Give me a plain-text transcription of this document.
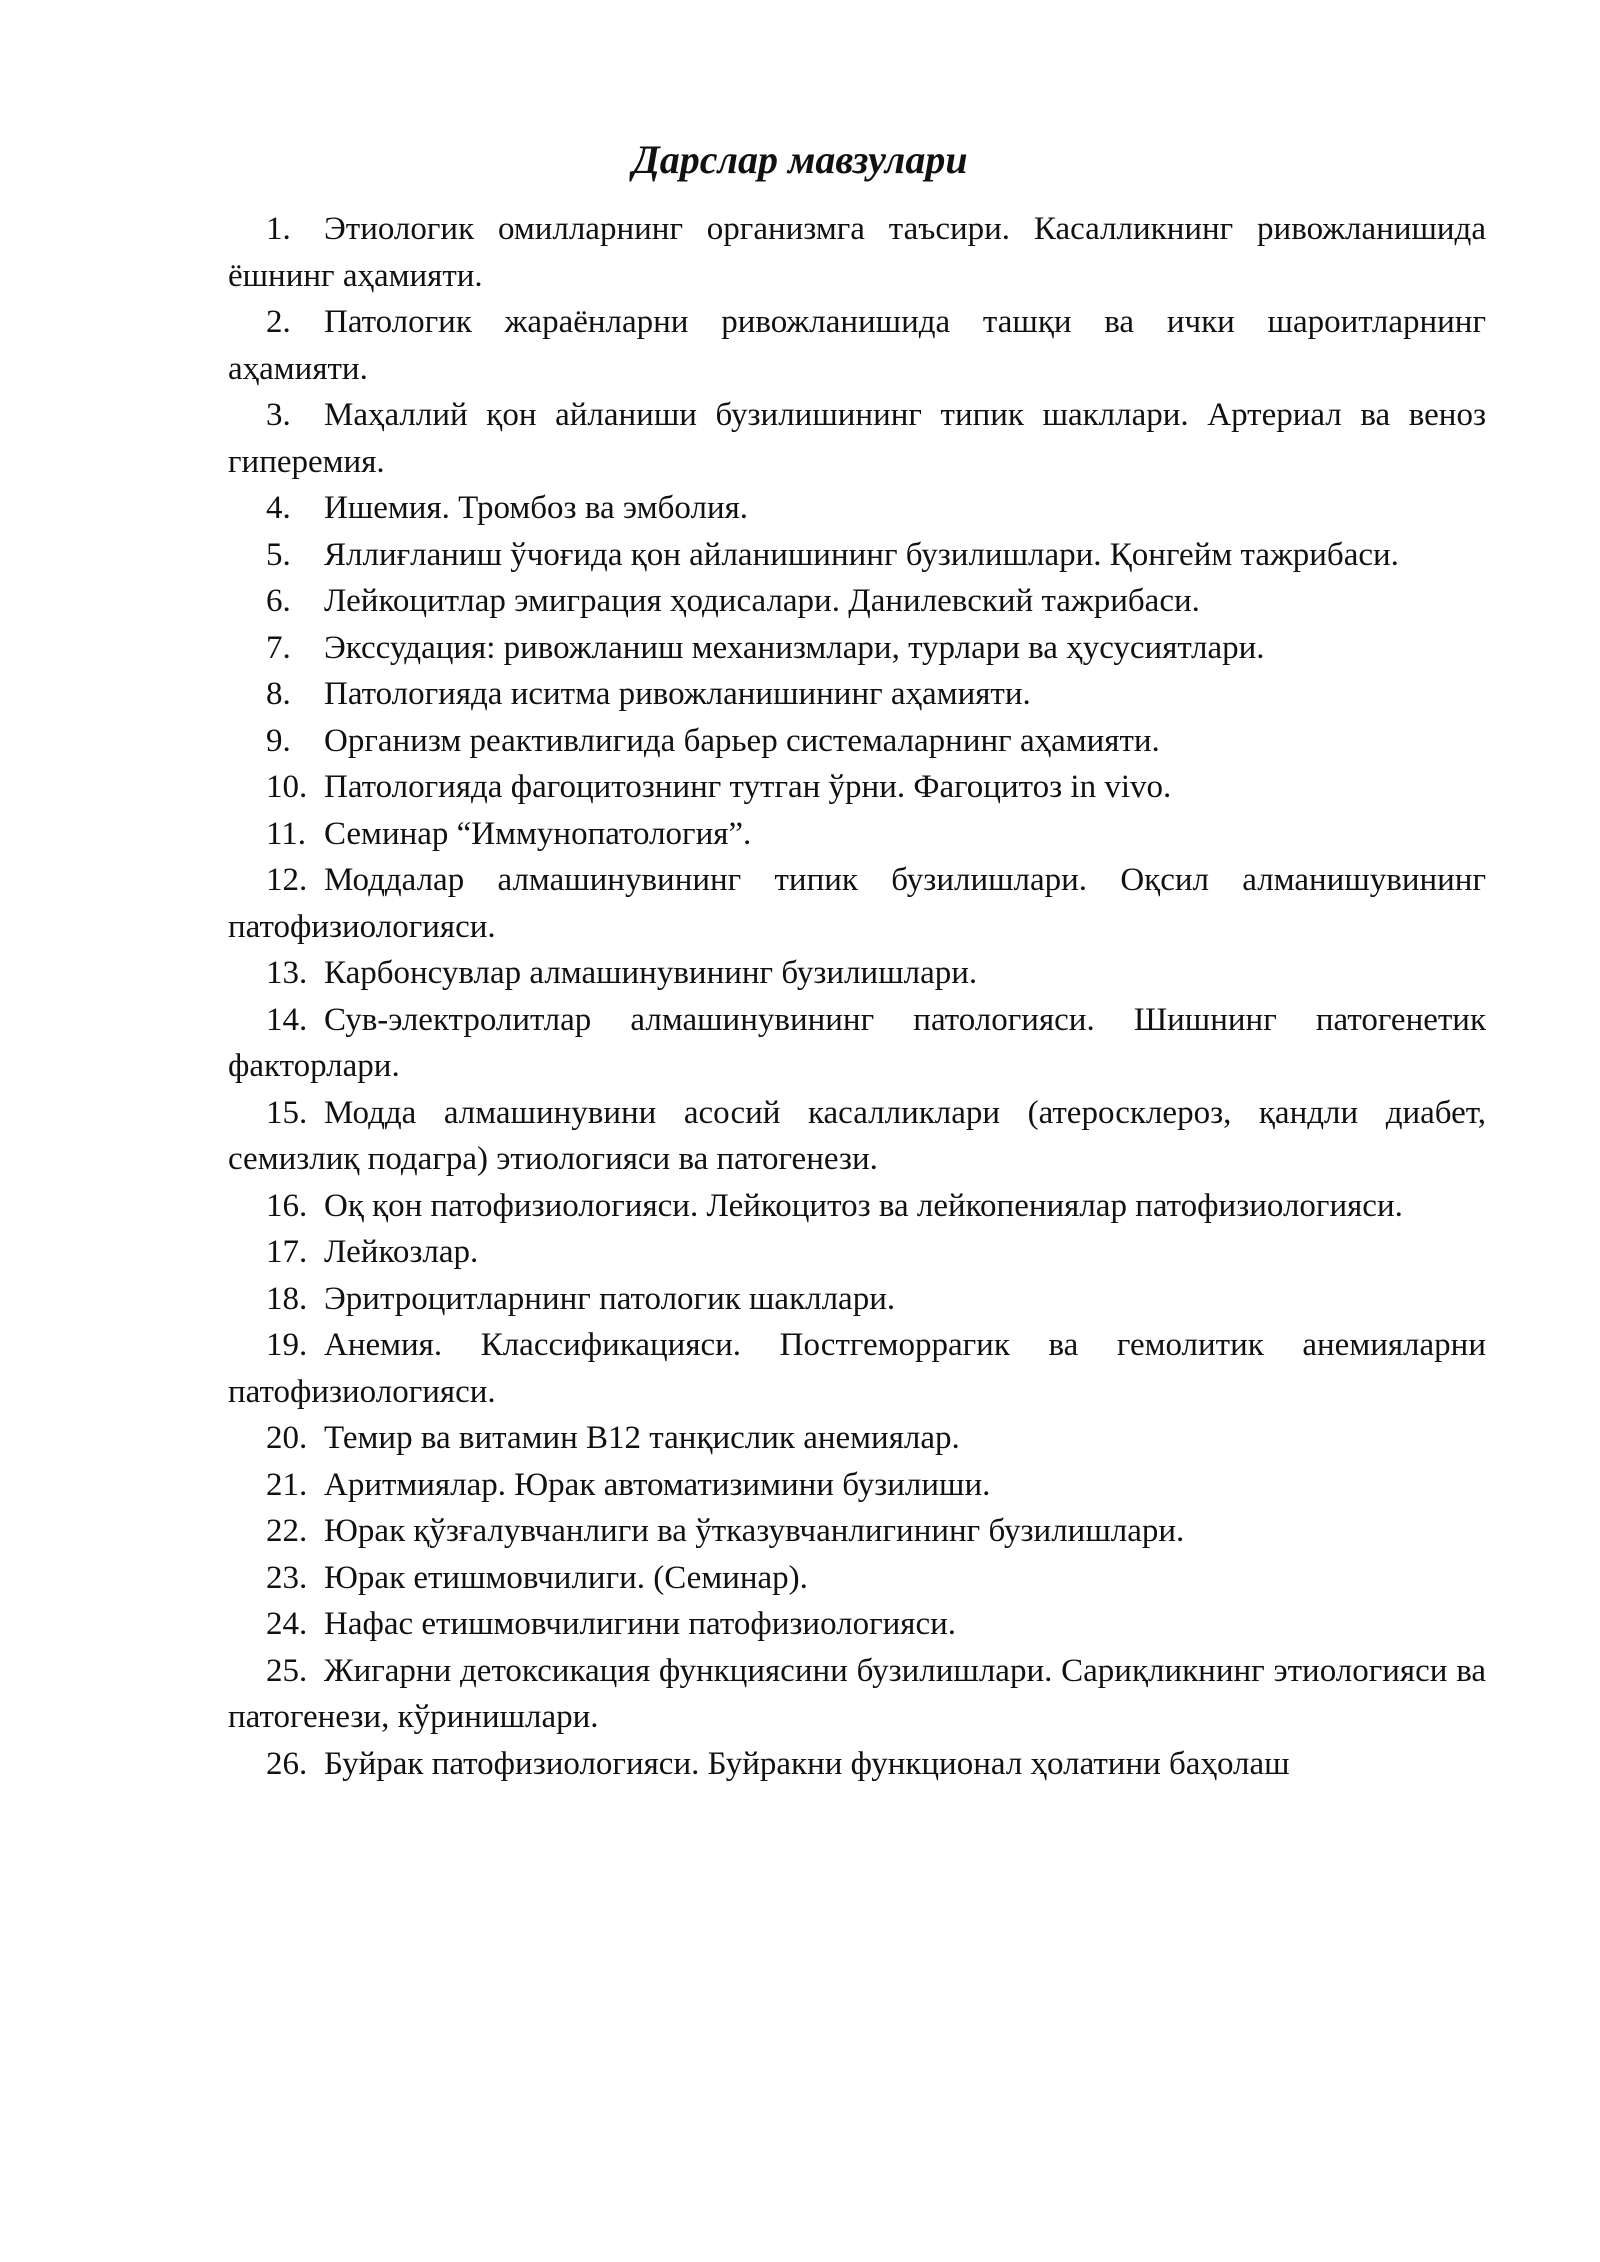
Дарслар мавзулари
1. Этиологик омилларнинг организмга таъсири. Касалликнинг ривожланишида ёшнинг аҳамияти.
2. Патологик жараёнларни ривожланишида ташқи ва ички шароитларнинг аҳамияти.
3. Маҳаллий қон айланиши бузилишининг типик шакллари. Артериал ва веноз гиперемия.
4. Ишемия. Тромбоз ва эмболия.
5. Яллиғланиш ўчоғида қон айланишининг бузилишлари. Қонгейм тажрибаси.
6. Лейкоцитлар эмиграция ҳодисалари. Данилевский тажрибаси.
7. Экссудация: ривожланиш механизмлари, турлари ва ҳусусиятлари.
8. Патологияда иситма ривожланишининг аҳамияти.
9. Организм реактивлигида барьер системаларнинг аҳамияти.
10. Патологияда фагоцитознинг тутган ўрни. Фагоцитоз in vivo.
11. Семинар “Иммунопатология”.
12. Моддалар алмашинувининг типик бузилишлари. Оқсил алманишувининг патофизиологияси.
13. Карбонсувлар алмашинувининг бузилишлари.
14. Сув-электролитлар алмашинувининг патологияси. Шишнинг патогенетик факторлари.
15. Модда алмашинувини асосий касалликлари (атеросклероз, қандли диабет, семизлиқ подагра) этиологияси ва патогенези.
16. Оқ қон патофизиологияси. Лейкоцитоз ва лейкопениялар патофизиологияси.
17. Лейкозлар.
18. Эритроцитларнинг патологик шакллари.
19. Анемия. Классификацияси. Постгеморрагик ва гемолитик анемияларни патофизиологияси.
20. Темир ва витамин В12 танқислик анемиялар.
21. Аритмиялар. Юрак автоматизимини бузилиши.
22. Юрак қўзғалувчанлиги ва ўтказувчанлигининг бузилишлари.
23. Юрак етишмовчилиги. (Семинар).
24. Нафас етишмовчилигини патофизиологияси.
25. Жигарни детоксикация функциясини бузилишлари. Сариқликнинг этиологияси ва патогенези, кўринишлари.
26. Буйрак патофизиологияси. Буйракни функционал ҳолатини баҳолаш
